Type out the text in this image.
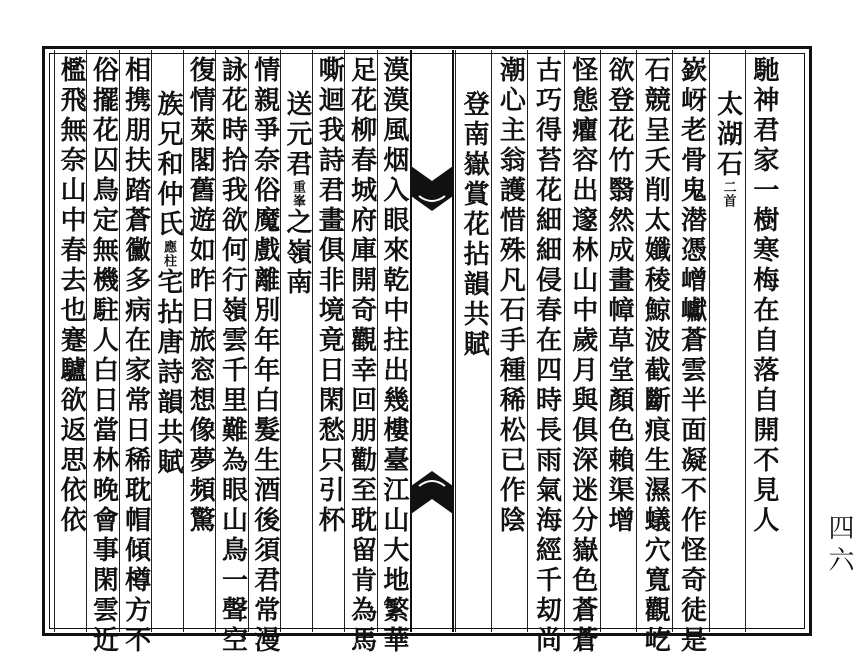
馳神君家一樹寒梅在自落自開不見人
太湖石二首
嶔岈老骨鬼潜憑嶒巘蒼雲半面凝不作怪奇徒是
石競呈夭削太孅稜鯨波截斷痕生濕蟻穴寬觀屹
欲登花竹翳然成畫幛草堂顏色賴渠增
怪態癯容出邃林山中歲月與俱深迷分嶽色蒼蒼
古巧得苔花細細侵春在四時長雨氣海經千刧尚
潮心主翁護惜殊凡石手種稀松已作陰
登南嶽賞花拈韻共賦
漠漠風烟入眼來乾中拄出幾樓臺江山大地繁華
足花柳春城府庫開奇觀幸回朋勸至耽留肯為馬
嘶迴我詩君畫俱非境竟日閑愁只引杯
送元君重峯之嶺南
情親爭奈俗魔戲離別年年白髮生酒後須君常漫
詠花時拾我欲何行嶺雲千里難為眼山鳥一聲空
復情萊閣舊遊如昨日旅窓想像夢頻驚
族兄和仲氏應柱宅拈唐詩韻共賦
相携朋扶踏蒼黴多病在家常日稀耽帽傾樽方不
俗擺花囚鳥定無機駐人白日當林晚會事閑雲近
檻飛無奈山中春去也蹇驢欲返思依依
四六
